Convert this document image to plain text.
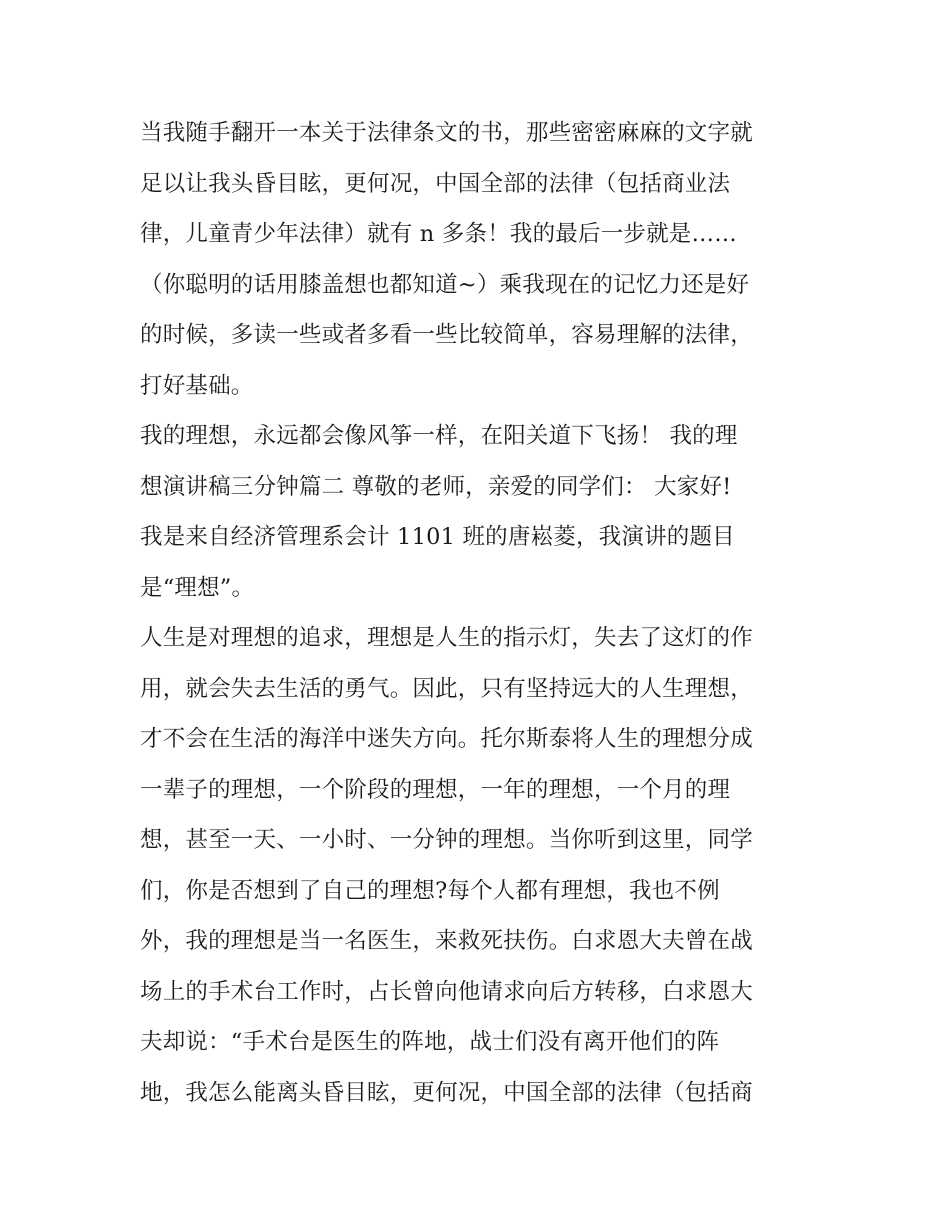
当我随手翻开一本关于法律条文的书，那些密密麻麻的文字就
足以让我头昏目眩，更何况，中国全部的法律（包括商业法
律，儿童青少年法律）就有 n 多条！我的最后一步就是……
（你聪明的话用膝盖想也都知道~）乘我现在的记忆力还是好
的时候，多读一些或者多看一些比较简单，容易理解的法律，
打好基础。
我的理想，永远都会像风筝一样，在阳关道下飞扬！ 我的理
想演讲稿三分钟篇二 尊敬的老师，亲爱的同学们： 大家好!
我是来自经济管理系会计 1101 班的唐崧菱，我演讲的题目
是“理想”。
人生是对理想的追求，理想是人生的指示灯，失去了这灯的作
用，就会失去生活的勇气。因此，只有坚持远大的人生理想，
才不会在生活的海洋中迷失方向。托尔斯泰将人生的理想分成
一辈子的理想，一个阶段的理想，一年的理想，一个月的理
想，甚至一天、一小时、一分钟的理想。当你听到这里，同学
们，你是否想到了自己的理想?每个人都有理想，我也不例
外，我的理想是当一名医生，来救死扶伤。白求恩大夫曾在战
场上的手术台工作时，占长曾向他请求向后方转移，白求恩大
夫却说：“手术台是医生的阵地，战士们没有离开他们的阵
地，我怎么能离头昏目眩，更何况，中国全部的法律（包括商
